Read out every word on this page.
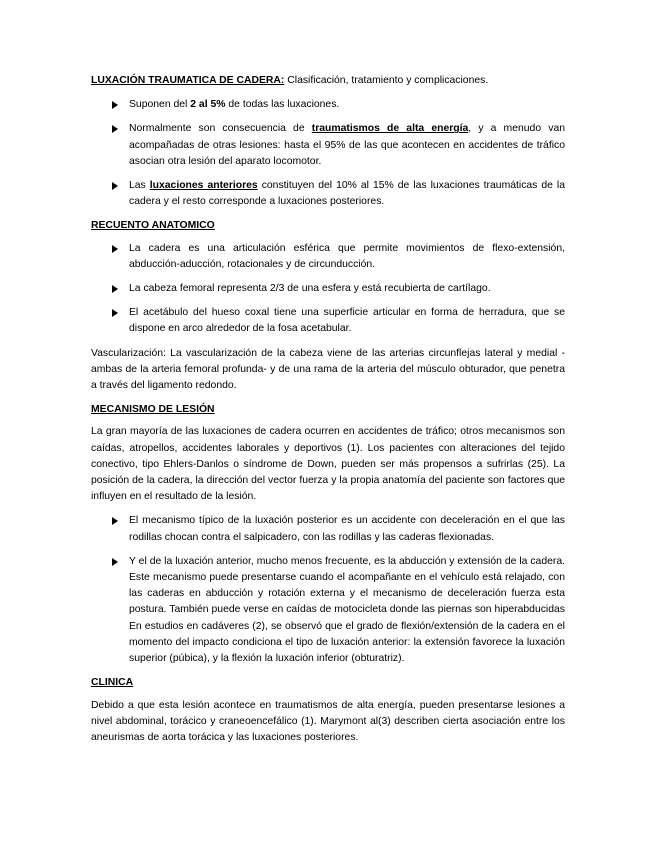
LUXACIÓN TRAUMATICA DE CADERA: Clasificación, tratamiento y complicaciones.

Suponen del 2 al 5% de todas las luxaciones.
Normalmente son consecuencia de traumatismos de alta energía, y a menudo van acompañadas de otras lesiones: hasta el 95% de las que acontecen en accidentes de tráfico asocian otra lesión del aparato locomotor.
Las luxaciones anteriores constituyen del 10% al 15% de las luxaciones traumáticas de la cadera y el resto corresponde a luxaciones posteriores.

RECUENTO ANATOMICO

La cadera es una articulación esférica que permite movimientos de flexo-extensión, abducción-aducción, rotacionales y de circunducción.
La cabeza femoral representa 2/3 de una esfera y está recubierta de cartílago.
El acetábulo del hueso coxal tiene una superficie articular en forma de herradura, que se dispone en arco alrededor de la fosa acetabular.

Vascularización: La vascularización de la cabeza viene de las arterias circunflejas lateral y medial -ambas de la arteria femoral profunda- y de una rama de la arteria del músculo obturador, que penetra a través del ligamento redondo.

MECANISMO DE LESIÓN

La gran mayoría de las luxaciones de cadera ocurren en accidentes de tráfico; otros mecanismos son caídas, atropellos, accidentes laborales y deportivos (1). Los pacientes con alteraciones del tejido conectivo, tipo Ehlers-Danlos o síndrome de Down, pueden ser más propensos a sufrirlas (25). La posición de la cadera, la dirección del vector fuerza y la propia anatomía del paciente son factores que influyen en el resultado de la lesión.

El mecanismo típico de la luxación posterior es un accidente con deceleración en el que las rodillas chocan contra el salpicadero, con las rodillas y las caderas flexionadas.
Y el de la luxación anterior, mucho menos frecuente, es la abducción y extensión de la cadera. Este mecanismo puede presentarse cuando el acompañante en el vehículo está relajado, con las caderas en abducción y rotación externa y el mecanismo de deceleración fuerza esta postura. También puede verse en caídas de motocicleta donde las piernas son hiperabducidas En estudios en cadáveres (2), se observó que el grado de flexión/extensión de la cadera en el momento del impacto condiciona el tipo de luxación anterior: la extensión favorece la luxación superior (púbica), y la flexión la luxación inferior (obturatriz).

CLINICA

Debido a que esta lesión acontece en traumatismos de alta energía, pueden presentarse lesiones a nivel abdominal, torácico y craneoencefálico (1). Marymont al(3) describen cierta asociación entre los aneurismas de aorta torácica y las luxaciones posteriores.
